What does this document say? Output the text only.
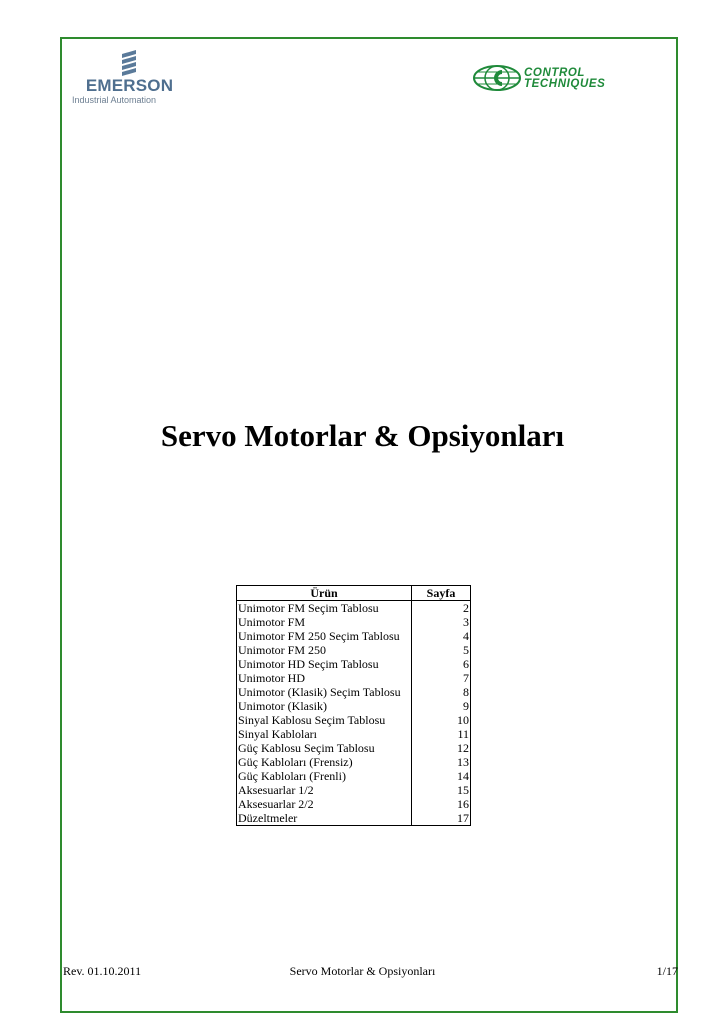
EMERSON
Industrial Automation
CONTROL
TECHNIQUES
Servo Motorlar & Opsiyonları
Ürün	Sayfa
Unimotor FM Seçim Tablosu	2
Unimotor FM	3
Unimotor FM 250 Seçim Tablosu	4
Unimotor FM 250	5
Unimotor HD Seçim Tablosu	6
Unimotor HD	7
Unimotor (Klasik) Seçim Tablosu	8
Unimotor (Klasik)	9
Sinyal Kablosu Seçim Tablosu	10
Sinyal Kabloları	11
Güç Kablosu Seçim Tablosu	12
Güç Kabloları (Frensiz)	13
Güç Kabloları (Frenli)	14
Aksesuarlar 1/2	15
Aksesuarlar 2/2	16
Düzeltmeler	17
Rev. 01.10.2011	Servo Motorlar & Opsiyonları	1/17
